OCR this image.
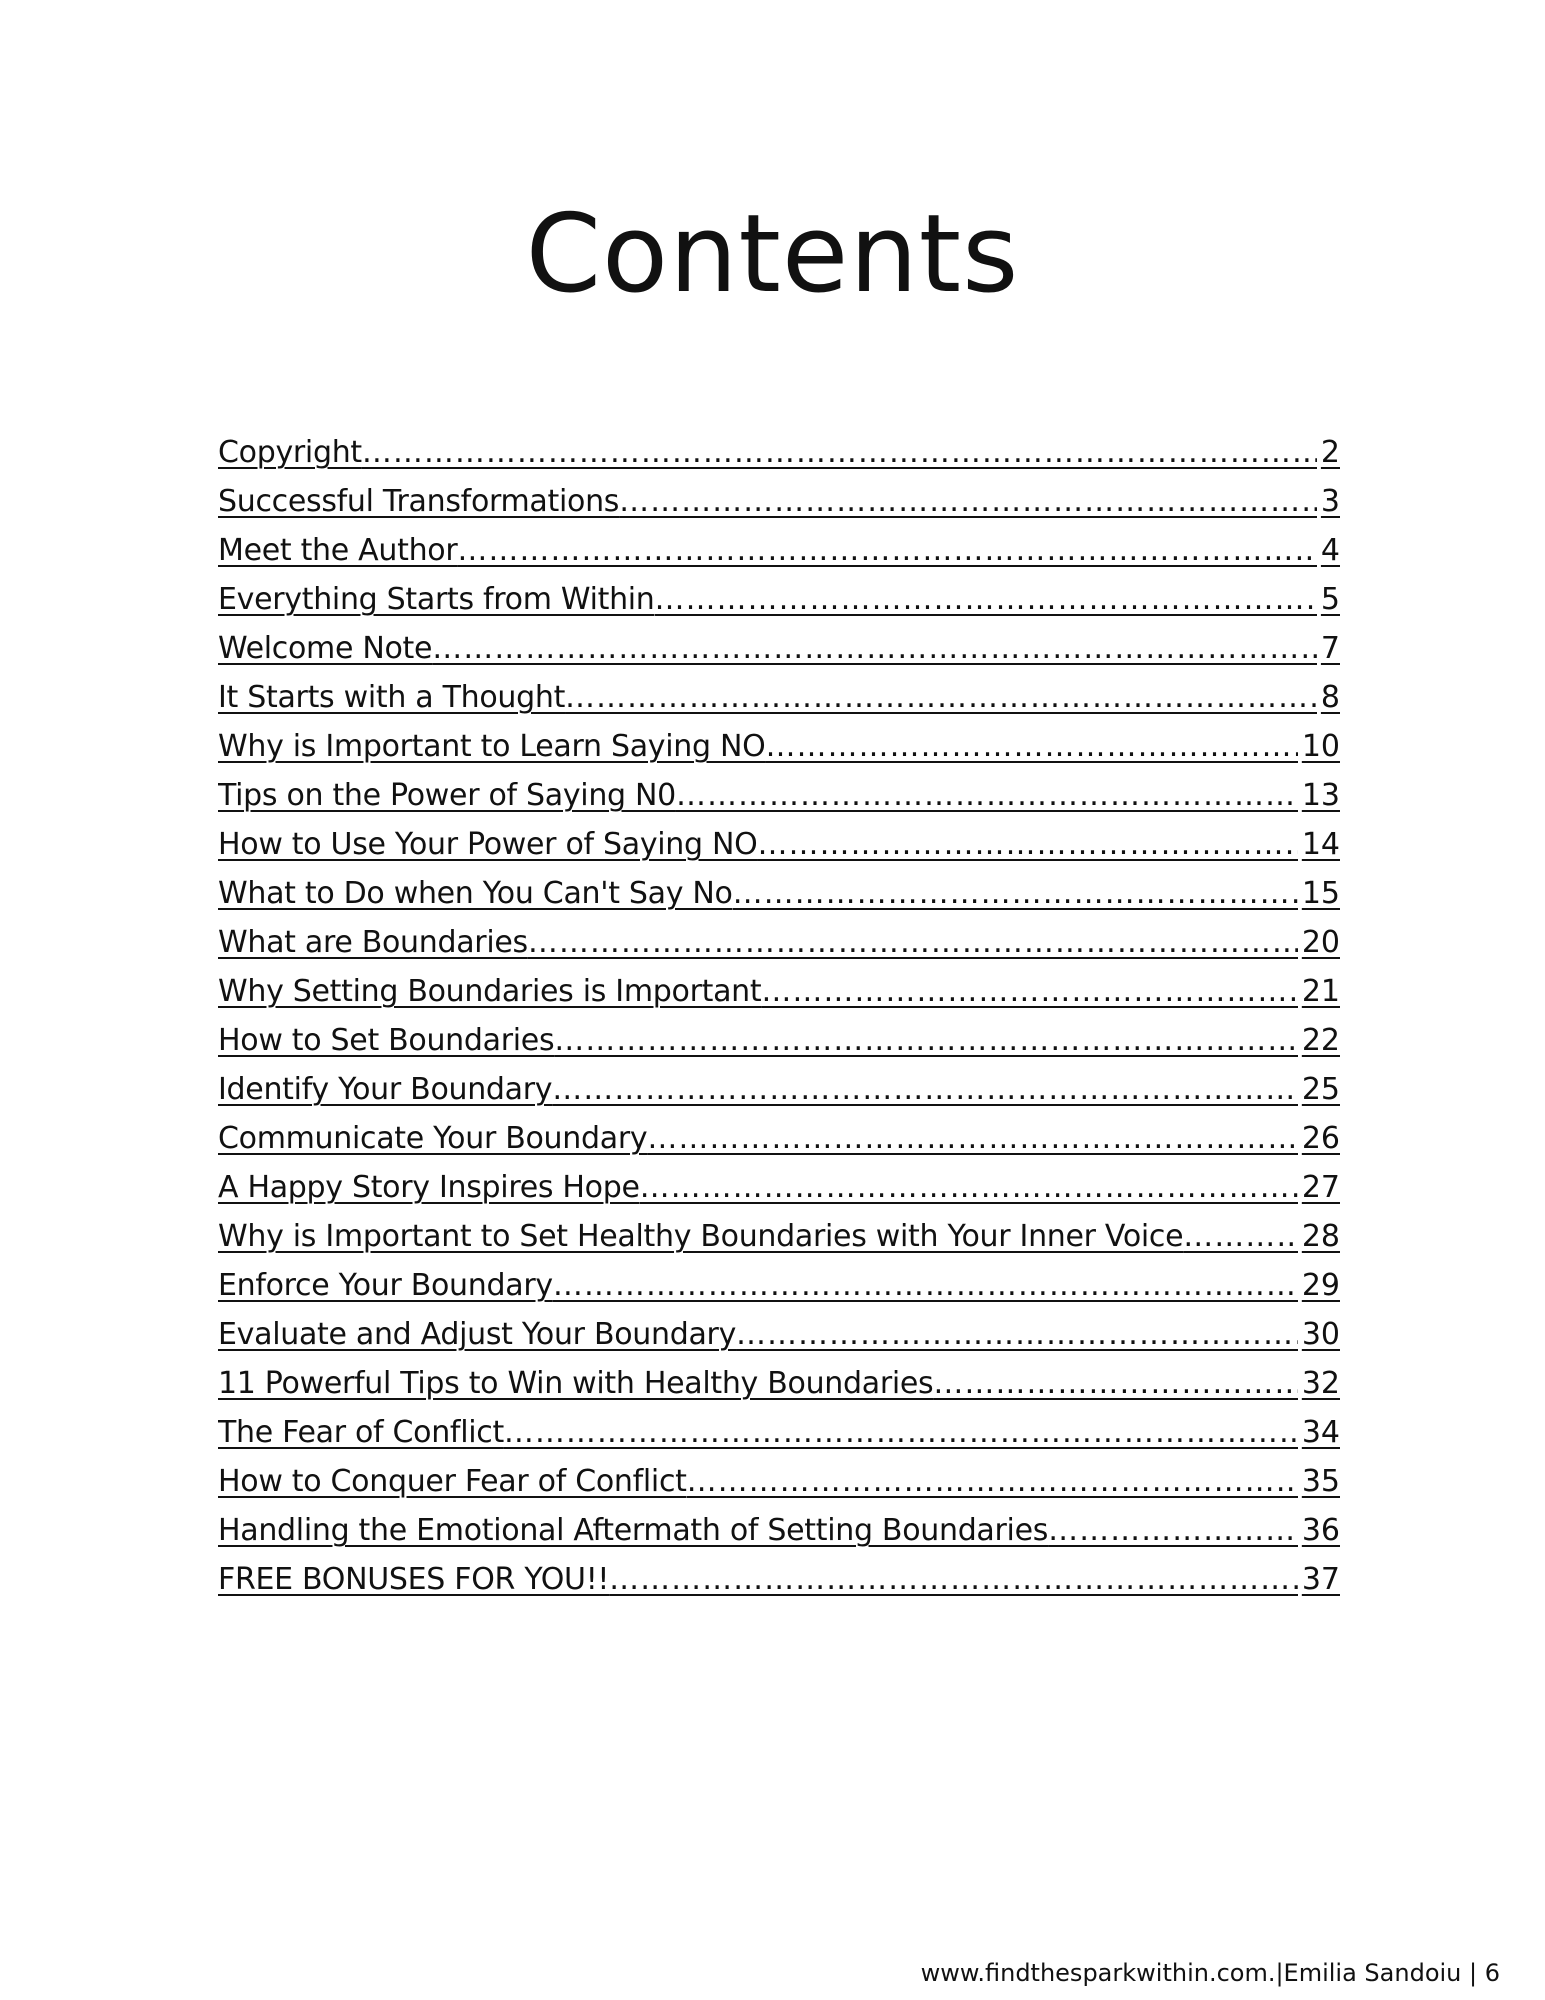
Contents
Copyright …………………………………………………………………………………………………………………………………………………………………………………………………………	2
Successful Transformations …………………………………………………………………………………………………………………………………………………………………………………………………………	3
Meet the Author …………………………………………………………………………………………………………………………………………………………………………………………………………	4
Everything Starts from Within …………………………………………………………………………………………………………………………………………………………………………………………………………	5
Welcome Note …………………………………………………………………………………………………………………………………………………………………………………………………………	7
It Starts with a Thought …………………………………………………………………………………………………………………………………………………………………………………………………………	8
Why is Important to Learn Saying NO …………………………………………………………………………………………………………………………………………………………………………………………………………	10
Tips on the Power of Saying N0 …………………………………………………………………………………………………………………………………………………………………………………………………………	13
How to Use Your Power of Saying NO …………………………………………………………………………………………………………………………………………………………………………………………………………	14
What to Do when You Can't Say No …………………………………………………………………………………………………………………………………………………………………………………………………………	15
What are Boundaries …………………………………………………………………………………………………………………………………………………………………………………………………………	20
Why Setting Boundaries is Important …………………………………………………………………………………………………………………………………………………………………………………………………………	21
How to Set Boundaries …………………………………………………………………………………………………………………………………………………………………………………………………………	22
Identify Your Boundary …………………………………………………………………………………………………………………………………………………………………………………………………………	25
Communicate Your Boundary …………………………………………………………………………………………………………………………………………………………………………………………………………	26
A Happy Story Inspires Hope …………………………………………………………………………………………………………………………………………………………………………………………………………	27
Why is Important to Set Healthy Boundaries with Your Inner Voice …………………………………………………………………………………………………………………………………………………………………………………………………………	28
Enforce Your Boundary …………………………………………………………………………………………………………………………………………………………………………………………………………	29
Evaluate and Adjust Your Boundary …………………………………………………………………………………………………………………………………………………………………………………………………………	30
11 Powerful Tips to Win with Healthy Boundaries …………………………………………………………………………………………………………………………………………………………………………………………………………	32
The Fear of Conflict …………………………………………………………………………………………………………………………………………………………………………………………………………	34
How to Conquer Fear of Conflict …………………………………………………………………………………………………………………………………………………………………………………………………………	35
Handling the Emotional Aftermath of Setting Boundaries …………………………………………………………………………………………………………………………………………………………………………………………………………	36
FREE BONUSES FOR YOU!! …………………………………………………………………………………………………………………………………………………………………………………………………………	37
www.findthesparkwithin.com.|Emilia Sandoiu | 6
